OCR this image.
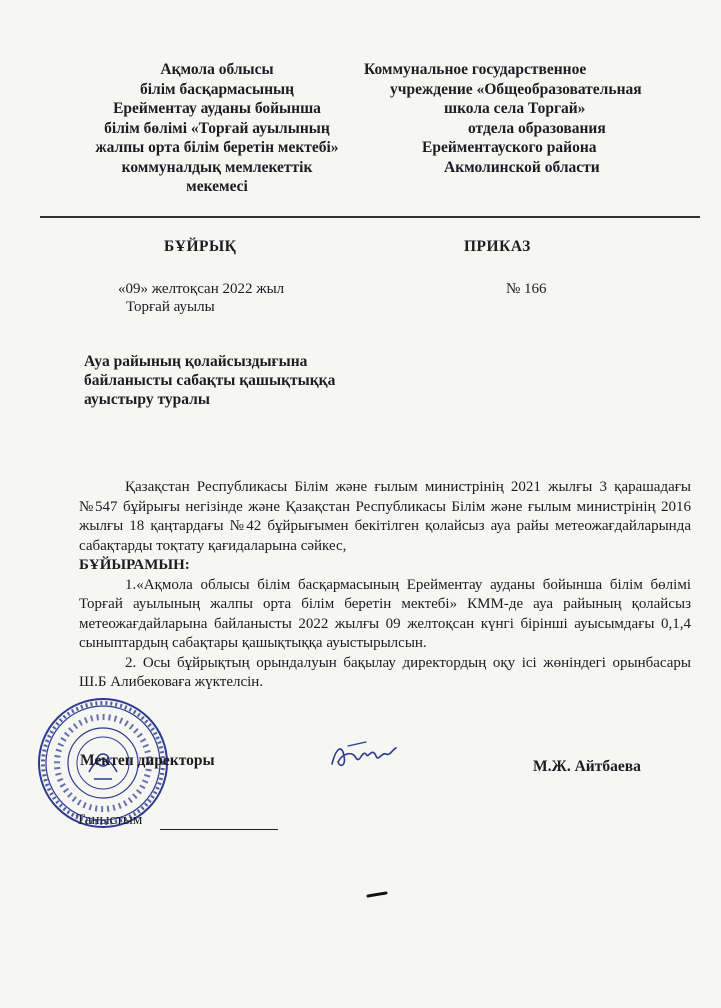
Ақмола облысы
білім басқармасының
Ерейментау ауданы бойынша
білім бөлімі «Торғай ауылының
жалпы орта білім беретін мектебі»
коммуналдық мемлекеттік
мекемесі
Коммунальное государственное
учреждение «Общеобразовательная
школа села Торгай»
отдела образования
Ерейментауского района
Акмолинской области
БҰЙРЫҚ	ПРИКАЗ
«09» желтоқсан 2022 жыл
Торғай ауылы
№ 166
Ауа райының қолайсыздығына
байланысты сабақты қашықтыққа
ауыстыру туралы

Қазақстан Республикасы Білім және ғылым министрінің 2021 жылғы 3 қарашадағы №547 бұйрығы негізінде және Қазақстан Республикасы Білім және ғылым министрінің 2016 жылғы 18 қаңтардағы №42 бұйрығымен бекітілген қолайсыз ауа райы метеожағдайларында сабақтарды тоқтату қағидаларына сәйкес,

БҰЙЫРАМЫН:

1.«Ақмола облысы білім басқармасының Ерейментау ауданы бойынша білім бөлімі Торғай ауылының жалпы орта білім беретін мектебі» КММ-де ауа райының қолайсыз метеожағдайларына байланысты 2022 жылғы 09 желтоқсан күнгі бірінші ауысымдағы 0,1,4 сыныптардың сабақтары қашықтыққа ауыстырылсын.

2. Осы бұйрықтың орындалуын бақылау директордың оқу ісі жөніндегі орынбасары Ш.Б Алибековаға жүктелсін.

Мектеп директоры	М.Ж. Айтбаева
Таныстым
